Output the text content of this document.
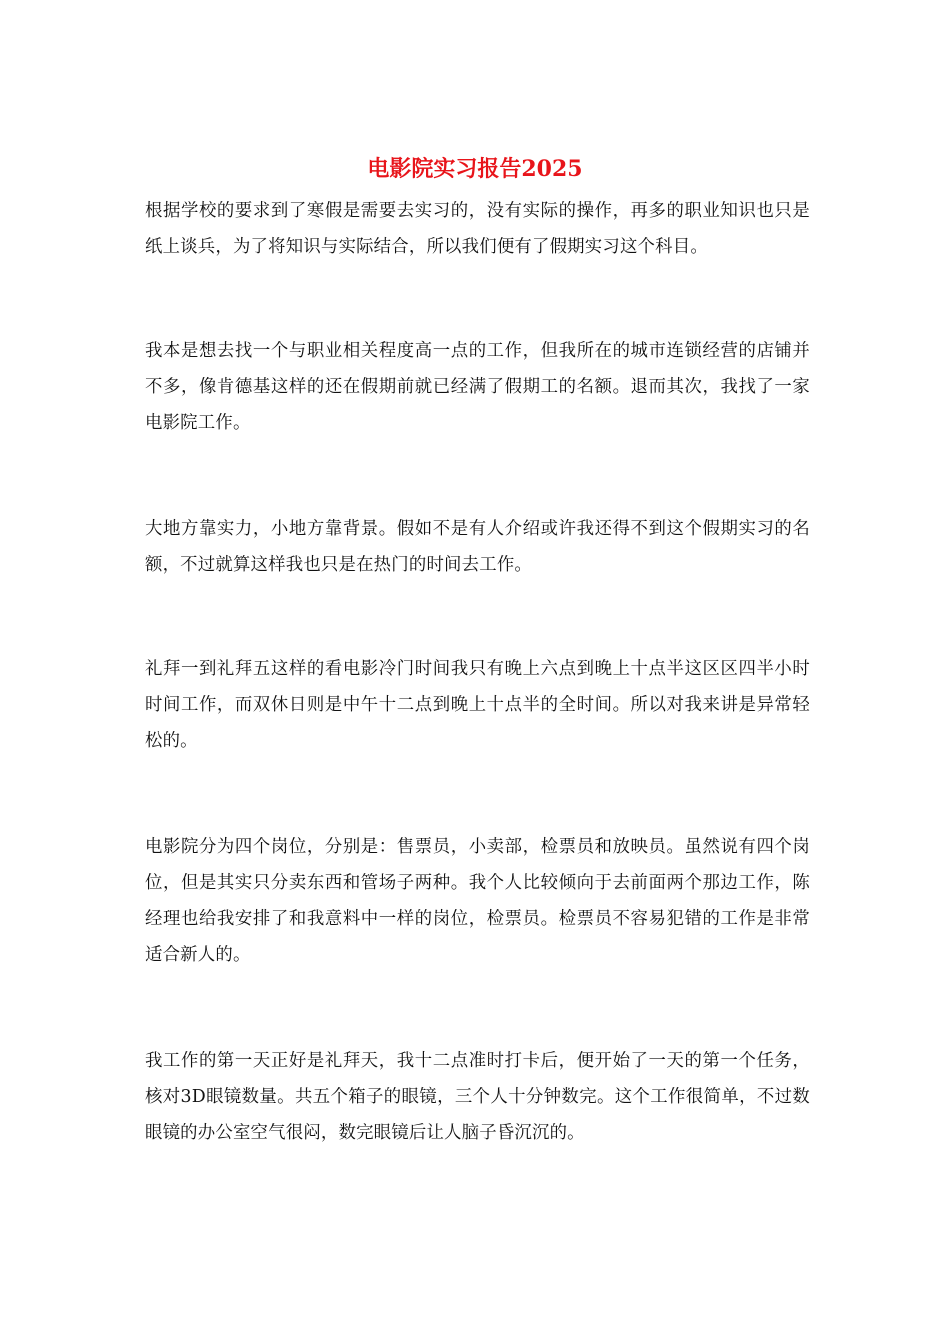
电影院实习报告2025

根据学校的要求到了寒假是需要去实习的，没有实际的操作，再多的职业知识也只是纸上谈兵，为了将知识与实际结合，所以我们便有了假期实习这个科目。

我本是想去找一个与职业相关程度高一点的工作，但我所在的城市连锁经营的店铺并不多，像肯德基这样的还在假期前就已经满了假期工的名额。退而其次，我找了一家电影院工作。

大地方靠实力，小地方靠背景。假如不是有人介绍或许我还得不到这个假期实习的名额，不过就算这样我也只是在热门的时间去工作。

礼拜一到礼拜五这样的看电影冷门时间我只有晚上六点到晚上十点半这区区四半小时时间工作，而双休日则是中午十二点到晚上十点半的全时间。所以对我来讲是异常轻松的。

电影院分为四个岗位，分别是：售票员，小卖部，检票员和放映员。虽然说有四个岗位，但是其实只分卖东西和管场子两种。我个人比较倾向于去前面两个那边工作，陈经理也给我安排了和我意料中一样的岗位，检票员。检票员不容易犯错的工作是非常适合新人的。

我工作的第一天正好是礼拜天，我十二点准时打卡后，便开始了一天的第一个任务，核对3D眼镜数量。共五个箱子的眼镜，三个人十分钟数完。这个工作很简单，不过数眼镜的办公室空气很闷，数完眼镜后让人脑子昏沉沉的。
